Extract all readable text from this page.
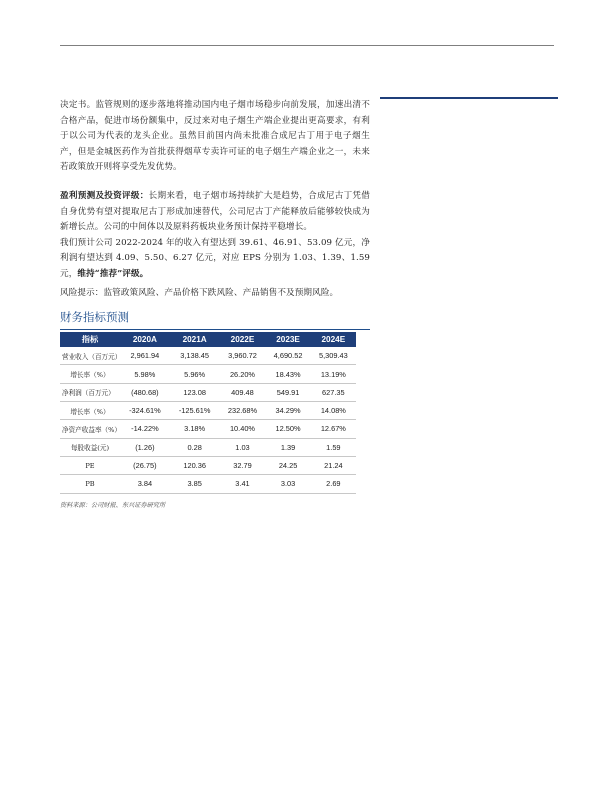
决定书。监管规则的逐步落地将推动国内电子烟市场稳步向前发展，加速出清不合格产品，促进市场份额集中，反过来对电子烟生产端企业提出更高要求，有利于以公司为代表的龙头企业。虽然目前国内尚未批准合成尼古丁用于电子烟生产，但是金城医药作为首批获得烟草专卖许可证的电子烟生产端企业之一，未来若政策放开则将享受先发优势。

盈利预测及投资评级：长期来看，电子烟市场持续扩大是趋势，合成尼古丁凭借自身优势有望对提取尼古丁形成加速替代，公司尼古丁产能释放后能够较快成为新增长点。公司的中间体以及原料药板块业务预计保持平稳增长。

我们预计公司 2022-2024 年的收入有望达到 39.61、46.91、53.09 亿元，净利润有望达到 4.09、5.50、6.27 亿元，对应 EPS 分别为 1.03、1.39、1.59 元，维持“推荐”评级。

风险提示：监管政策风险、产品价格下跌风险、产品销售不及预期风险。

财务指标预测
指标	2020A	2021A	2022E	2023E	2024E
营业收入（百万元）	2,961.94	3,138.45	3,960.72	4,690.52	5,309.43
增长率（%）	5.98%	5.96%	26.20%	18.43%	13.19%
净利润（百万元）	(480.68)	123.08	409.48	549.91	627.35
增长率（%）	-324.61%	-125.61%	232.68%	34.29%	14.08%
净资产收益率（%）	-14.22%	3.18%	10.40%	12.50%	12.67%
每股收益(元)	(1.26)	0.28	1.03	1.39	1.59
PE	(26.75)	120.36	32.79	24.25	21.24
PB	3.84	3.85	3.41	3.03	2.69
资料来源：公司财报、东兴证券研究所
